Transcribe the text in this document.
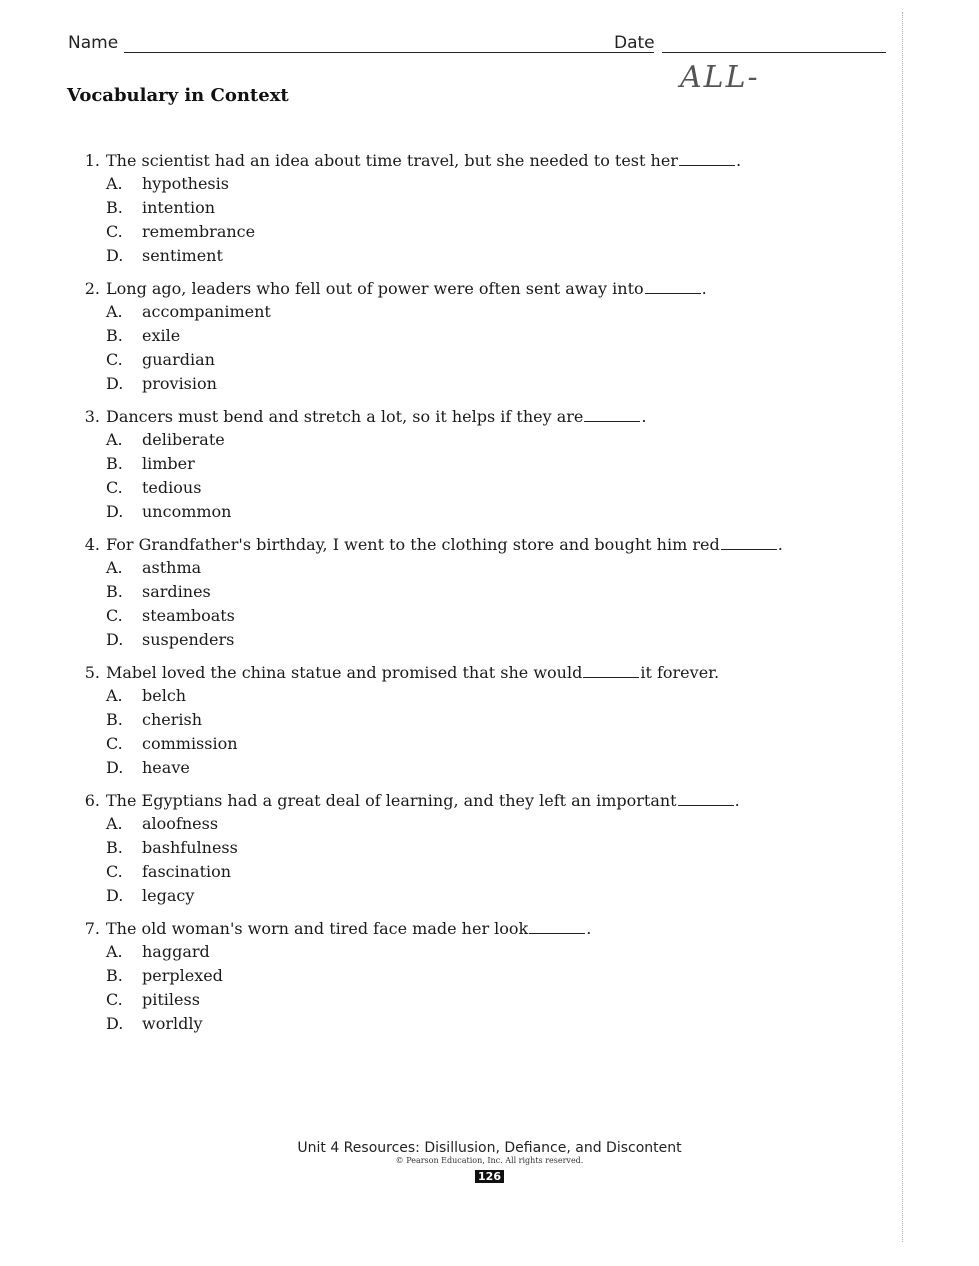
Name	Date
ALL-
Vocabulary in Context
1. The scientist had an idea about time travel, but she needed to test her	.
A.	hypothesis
B.	intention
C.	remembrance
D.	sentiment
2. Long ago, leaders who fell out of power were often sent away into	.
A.	accompaniment
B.	exile
C.	guardian
D.	provision
3. Dancers must bend and stretch a lot, so it helps if they are	.
A.	deliberate
B.	limber
C.	tedious
D.	uncommon
4. For Grandfather's birthday, I went to the clothing store and bought him red	.
A.	asthma
B.	sardines
C.	steamboats
D.	suspenders
5. Mabel loved the china statue and promised that she would	it forever.
A.	belch
B.	cherish
C.	commission
D.	heave
6. The Egyptians had a great deal of learning, and they left an important	.
A.	aloofness
B.	bashfulness
C.	fascination
D.	legacy
7. The old woman's worn and tired face made her look	.
A.	haggard
B.	perplexed
C.	pitiless
D.	worldly
Unit 4 Resources: Disillusion, Defiance, and Discontent
© Pearson Education, Inc. All rights reserved.
126
